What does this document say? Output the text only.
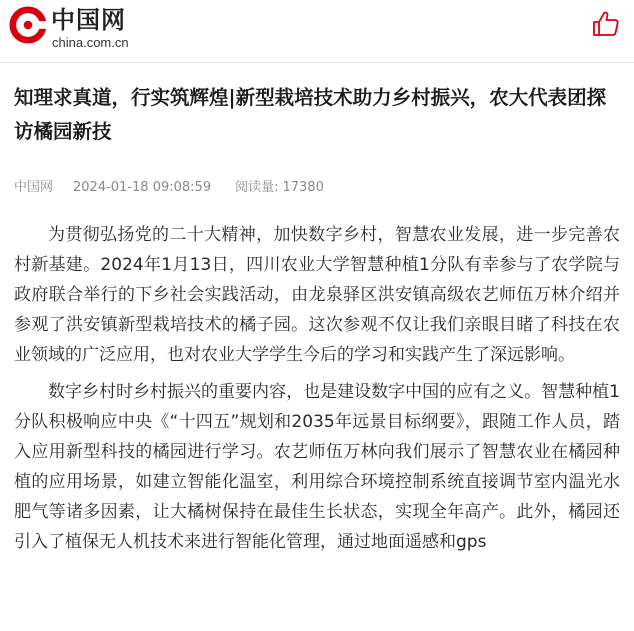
中国网
china.com.cn
知理求真道，行实筑辉煌|新型栽培技术助力乡村振兴，农大代表团探访橘园新技
中国网 2024-01-18 09:08:59 阅读量: 17380

为贯彻弘扬党的二十大精神，加快数字乡村，智慧农业发展，进一步完善农村新基建。2024年1月13日，四川农业大学智慧种植1分队有幸参与了农学院与政府联合举行的下乡社会实践活动，由龙泉驿区洪安镇高级农艺师伍万林介绍并参观了洪安镇新型栽培技术的橘子园。这次参观不仅让我们亲眼目睹了科技在农业领域的广泛应用，也对农业大学学生今后的学习和实践产生了深远影响。

数字乡村时乡村振兴的重要内容，也是建设数字中国的应有之义。智慧种植1分队积极响应中央《“十四五”规划和2035年远景目标纲要》，跟随工作人员，踏入应用新型科技的橘园进行学习。农艺师伍万林向我们展示了智慧农业在橘园种植的应用场景，如建立智能化温室，利用综合环境控制系统直接调节室内温光水肥气等诸多因素，让大橘树保持在最佳生长状态，实现全年高产。此外，橘园还引入了植保无人机技术来进行智能化管理，通过地面遥感和gps
